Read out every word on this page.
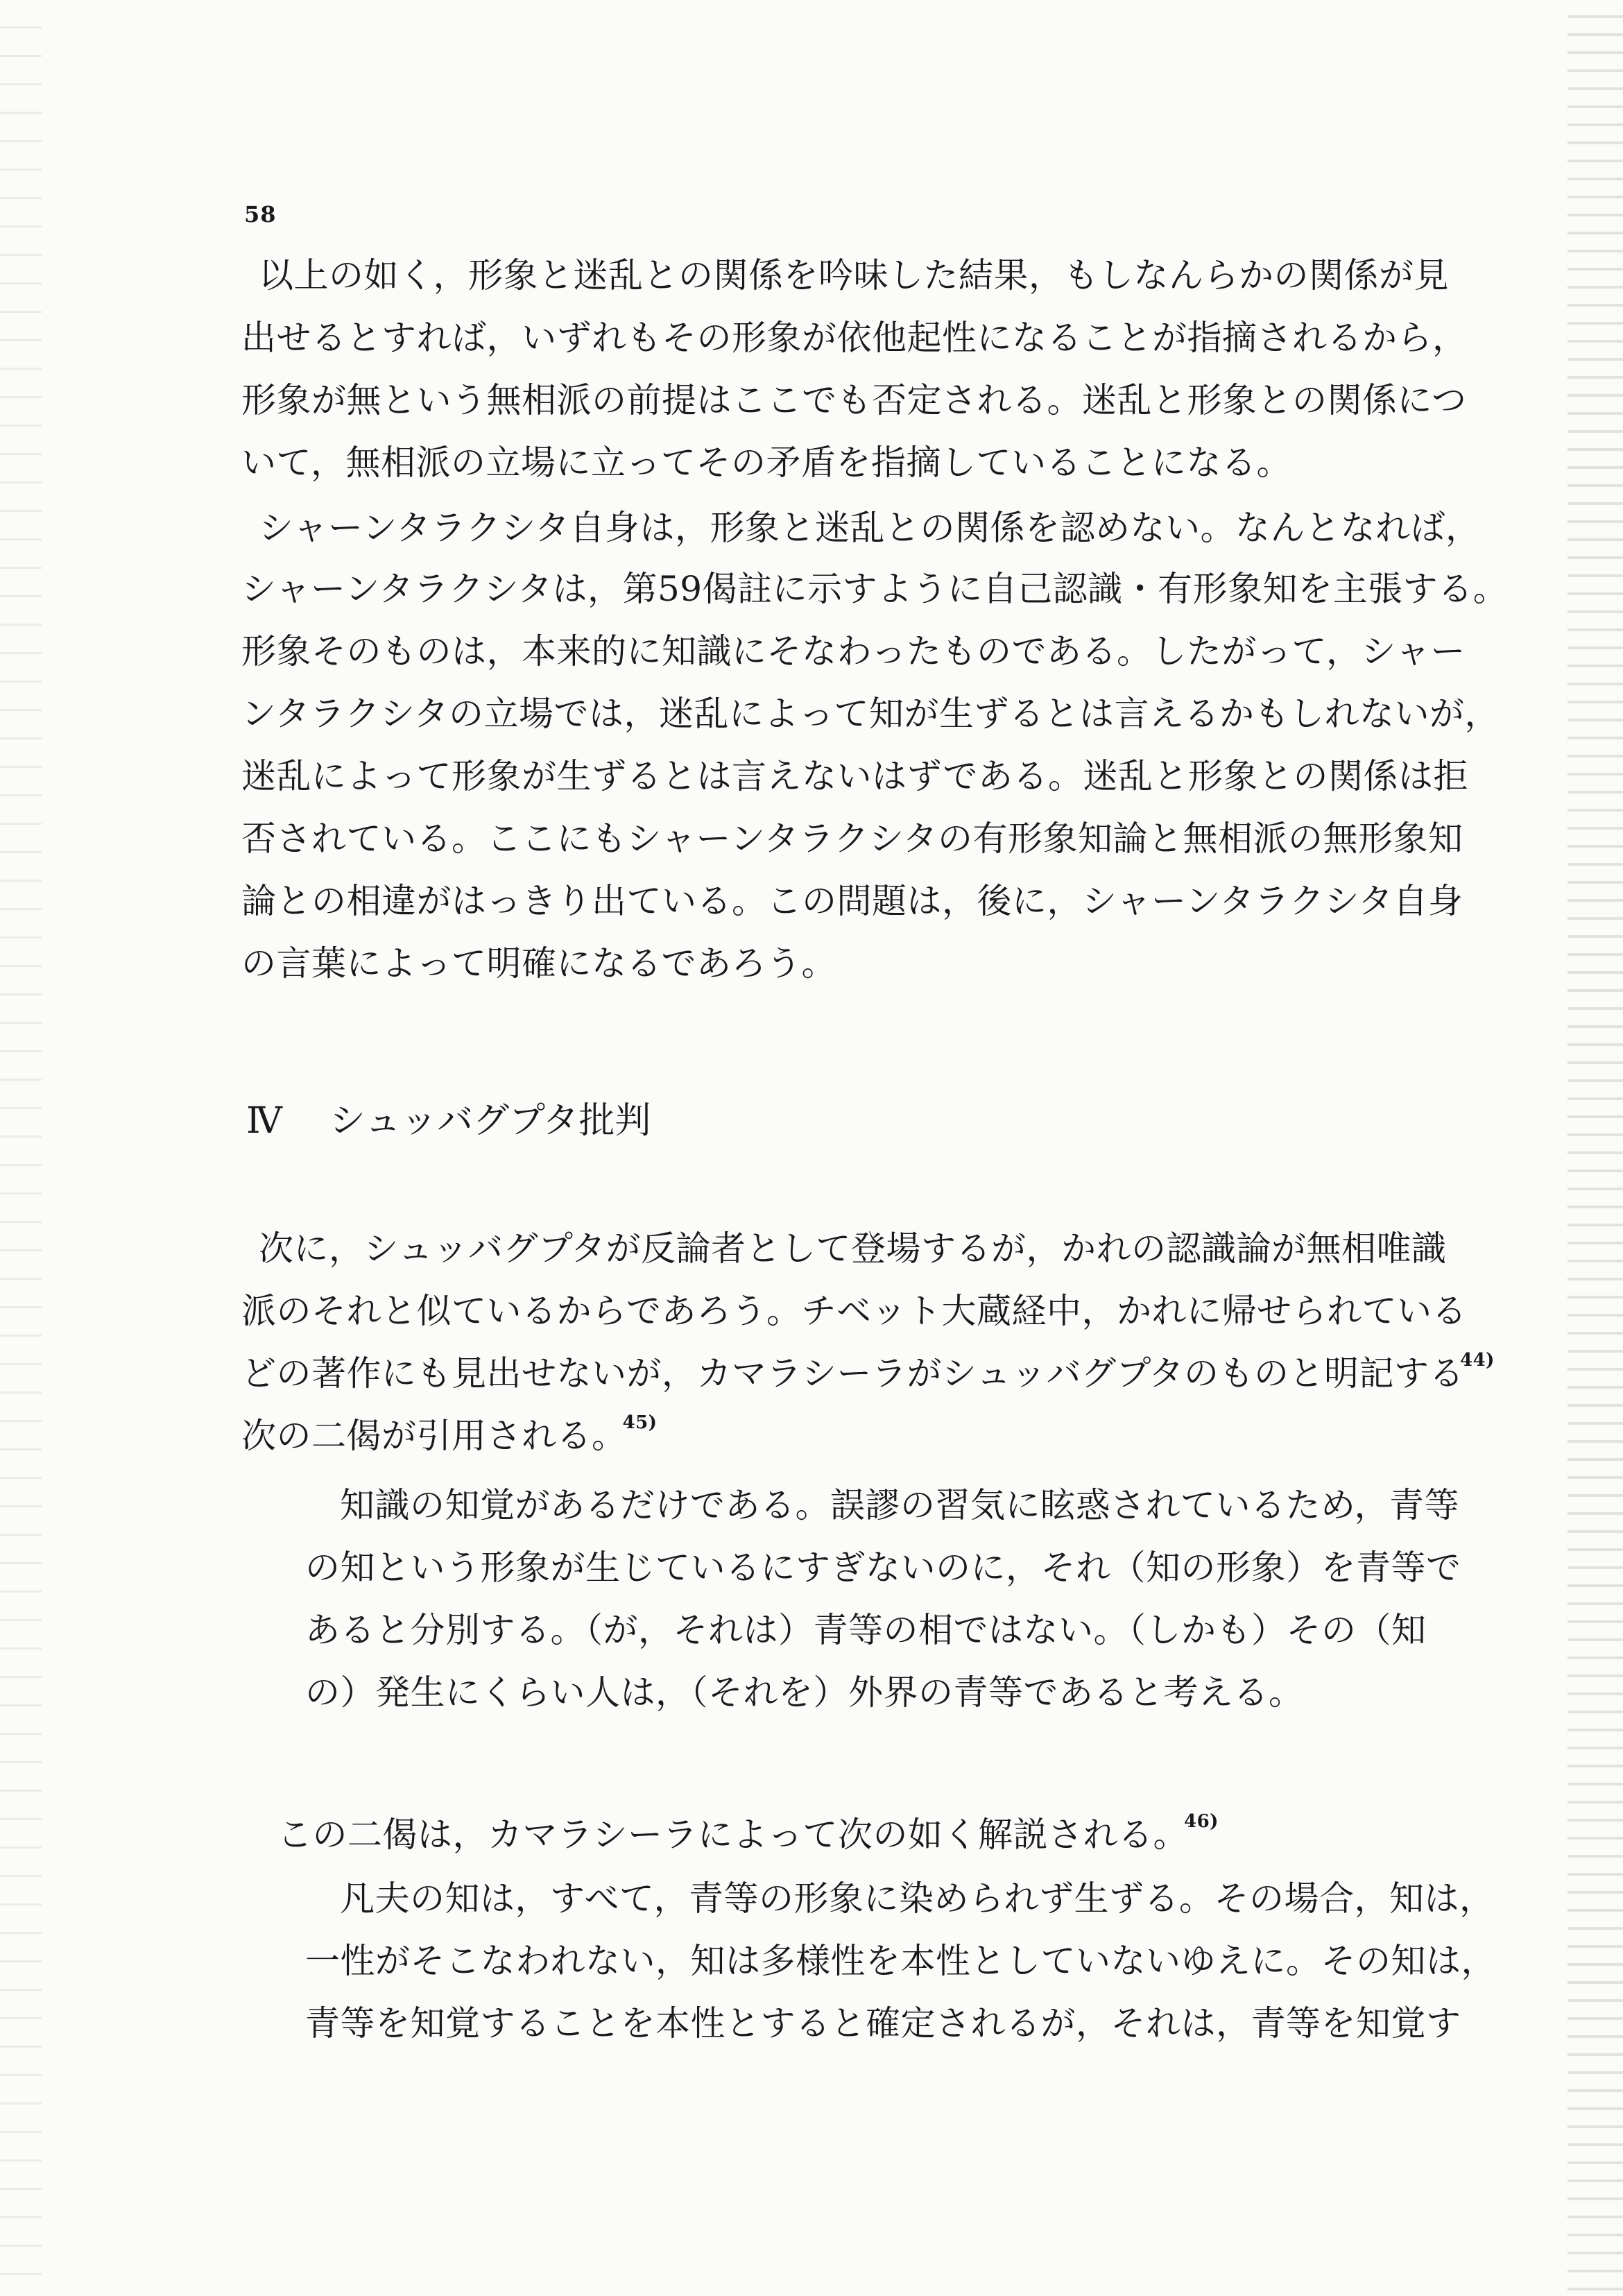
58
以上の如く，形象と迷乱との関係を吟味した結果，もしなんらかの関係が見
出せるとすれば，いずれもその形象が依他起性になることが指摘されるから，
形象が無という無相派の前提はここでも否定される。迷乱と形象との関係につ
いて，無相派の立場に立ってその矛盾を指摘していることになる。
シャーンタラクシタ自身は，形象と迷乱との関係を認めない。なんとなれば，
シャーンタラクシタは，第59偈註に示すように自己認識・有形象知を主張する。
形象そのものは，本来的に知識にそなわったものである。したがって，シャー
ンタラクシタの立場では，迷乱によって知が生ずるとは言えるかもしれないが，
迷乱によって形象が生ずるとは言えないはずである。迷乱と形象との関係は拒
否されている。ここにもシャーンタラクシタの有形象知論と無相派の無形象知
論との相違がはっきり出ている。この問題は，後に，シャーンタラクシタ自身
の言葉によって明確になるであろう。
Ⅳ シュッバグプタ批判
次に，シュッバグプタが反論者として登場するが，かれの認識論が無相唯識
派のそれと似ているからであろう。チベット大蔵経中，かれに帰せられている
どの著作にも見出せないが，カマラシーラがシュッバグプタのものと明記する$^{44)}$
次の二偈が引用される。$^{45)}$
知識の知覚があるだけである。誤謬の習気に眩惑されているため，青等
の知という形象が生じているにすぎないのに，それ（知の形象）を青等で
あると分別する。（が，それは）青等の相ではない。（しかも）その（知
の）発生にくらい人は，（それを）外界の青等であると考える。
この二偈は，カマラシーラによって次の如く解説される。$^{46)}$
凡夫の知は，すべて，青等の形象に染められず生ずる。その場合，知は，
一性がそこなわれない，知は多様性を本性としていないゆえに。その知は，
青等を知覚することを本性とすると確定されるが，それは，青等を知覚す
